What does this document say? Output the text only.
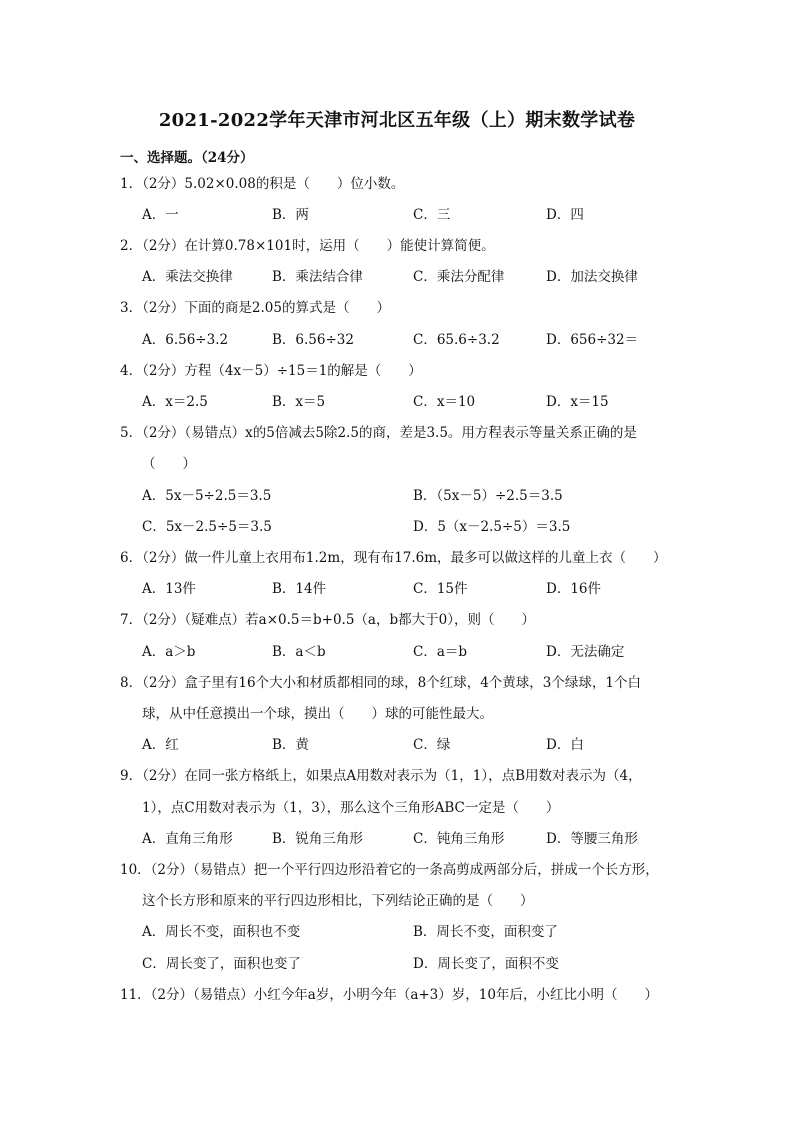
2021-2022学年天津市河北区五年级（上）期末数学试卷
一、选择题。（24分）
1．（2分）5.02×0.08的积是（　　）位小数。
A．一	B．两	C．三	D．四
2．（2分）在计算0.78×101时，运用（　　）能使计算简便。
A．乘法交换律	B．乘法结合律	C．乘法分配律	D．加法交换律
3．（2分）下面的商是2.05的算式是（　　）
A．6.56÷3.2	B．6.56÷32	C．65.6÷3.2	D．656÷32＝
4．（2分）方程（4x－5）÷15＝1的解是（　　）
A．x＝2.5	B．x＝5	C．x＝10	D．x＝15
5．（2分）（易错点）x的5倍减去5除2.5的商，差是3.5。用方程表示等量关系正确的是
（　　）
A．5x－5÷2.5＝3.5	B．（5x－5）÷2.5＝3.5
C．5x－2.5÷5＝3.5	D．5（x－2.5÷5）＝3.5
6．（2分）做一件儿童上衣用布1.2m，现有布17.6m，最多可以做这样的儿童上衣（　　）
A．13件	B．14件	C．15件	D．16件
7．（2分）（疑难点）若a×0.5＝b+0.5（a，b都大于0），则（　　）
A．a＞b	B．a＜b	C．a＝b	D．无法确定
8．（2分）盒子里有16个大小和材质都相同的球，8个红球，4个黄球，3个绿球，1个白
球，从中任意摸出一个球，摸出（　　）球的可能性最大。
A．红	B．黄	C．绿	D．白
9．（2分）在同一张方格纸上，如果点A用数对表示为（1，1），点B用数对表示为（4，
1），点C用数对表示为（1，3），那么这个三角形ABC一定是（　　）
A．直角三角形	B．锐角三角形	C．钝角三角形	D．等腰三角形
10．（2分）（易错点）把一个平行四边形沿着它的一条高剪成两部分后，拼成一个长方形，
这个长方形和原来的平行四边形相比，下列结论正确的是（　　）
A．周长不变，面积也不变	B．周长不变，面积变了
C．周长变了，面积也变了	D．周长变了，面积不变
11．（2分）（易错点）小红今年a岁，小明今年（a+3）岁，10年后，小红比小明（　　）
